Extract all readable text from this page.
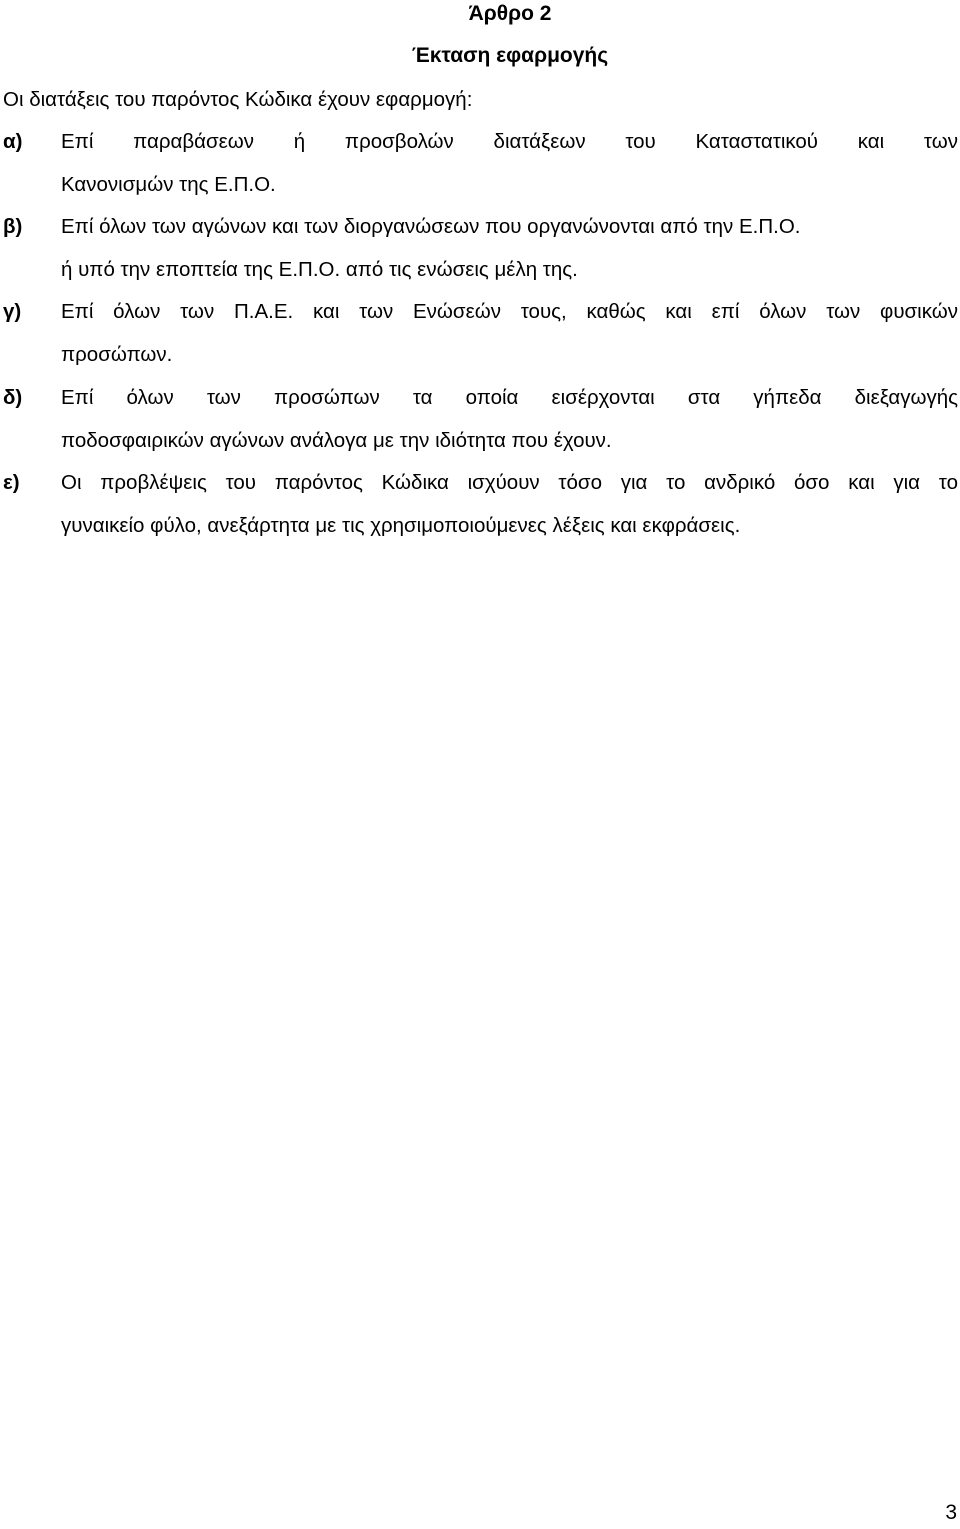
Άρθρο 2
Έκταση εφαρμογής
Οι διατάξεις του παρόντος Κώδικα έχουν εφαρμογή:
α) Επί παραβάσεων ή προσβολών διατάξεων του Καταστατικού και των
Κανονισμών της Ε.Π.Ο.
β) Επί όλων των αγώνων και των διοργανώσεων που οργανώνονται από την Ε.Π.Ο.
ή υπό την εποπτεία της Ε.Π.Ο. από τις ενώσεις μέλη της.
γ) Επί όλων των Π.Α.Ε. και των Ενώσεών τους, καθώς και επί όλων των φυσικών
προσώπων.
δ) Επί όλων των προσώπων τα οποία εισέρχονται στα γήπεδα διεξαγωγής
ποδοσφαιρικών αγώνων ανάλογα με την ιδιότητα που έχουν.
ε) Οι προβλέψεις του παρόντος Κώδικα ισχύουν τόσο για το ανδρικό όσο και για το
γυναικείο φύλο, ανεξάρτητα με τις χρησιμοποιούμενες λέξεις και εκφράσεις.
3
